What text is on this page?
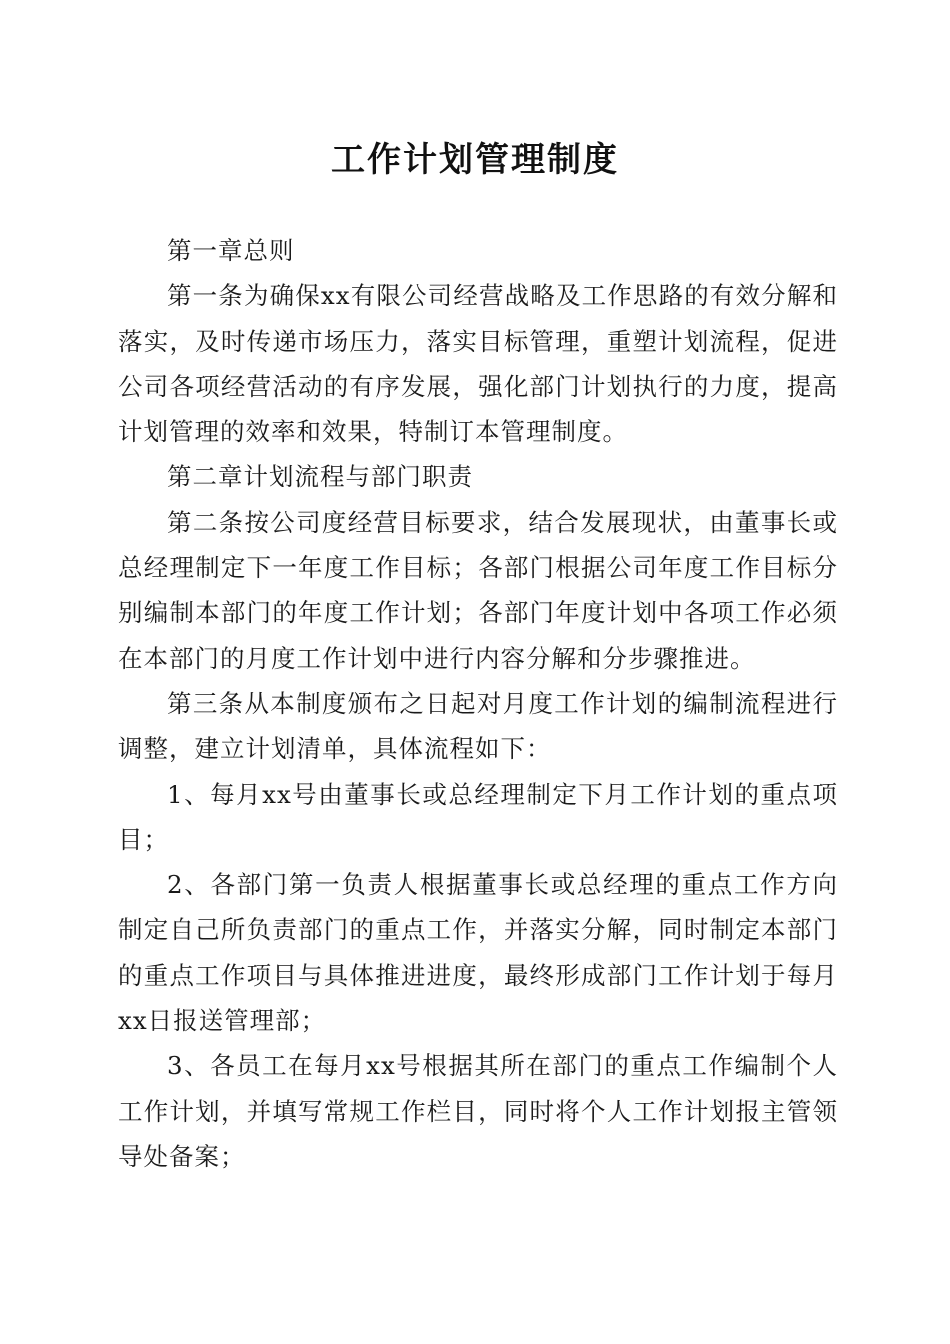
工作计划管理制度

第一章总则

第一条为确保xx有限公司经营战略及工作思路的有效分解和落实，及时传递市场压力，落实目标管理，重塑计划流程，促进公司各项经营活动的有序发展，强化部门计划执行的力度，提高计划管理的效率和效果，特制订本管理制度。

第二章计划流程与部门职责

第二条按公司度经营目标要求，结合发展现状，由董事长或总经理制定下一年度工作目标；各部门根据公司年度工作目标分别编制本部门的年度工作计划；各部门年度计划中各项工作必须在本部门的月度工作计划中进行内容分解和分步骤推进。

第三条从本制度颁布之日起对月度工作计划的编制流程进行调整，建立计划清单，具体流程如下：

1、每月xx号由董事长或总经理制定下月工作计划的重点项目；

2、各部门第一负责人根据董事长或总经理的重点工作方向制定自己所负责部门的重点工作，并落实分解，同时制定本部门的重点工作项目与具体推进进度，最终形成部门工作计划于每月xx日报送管理部；

3、各员工在每月xx号根据其所在部门的重点工作编制个人工作计划，并填写常规工作栏目，同时将个人工作计划报主管领导处备案；
